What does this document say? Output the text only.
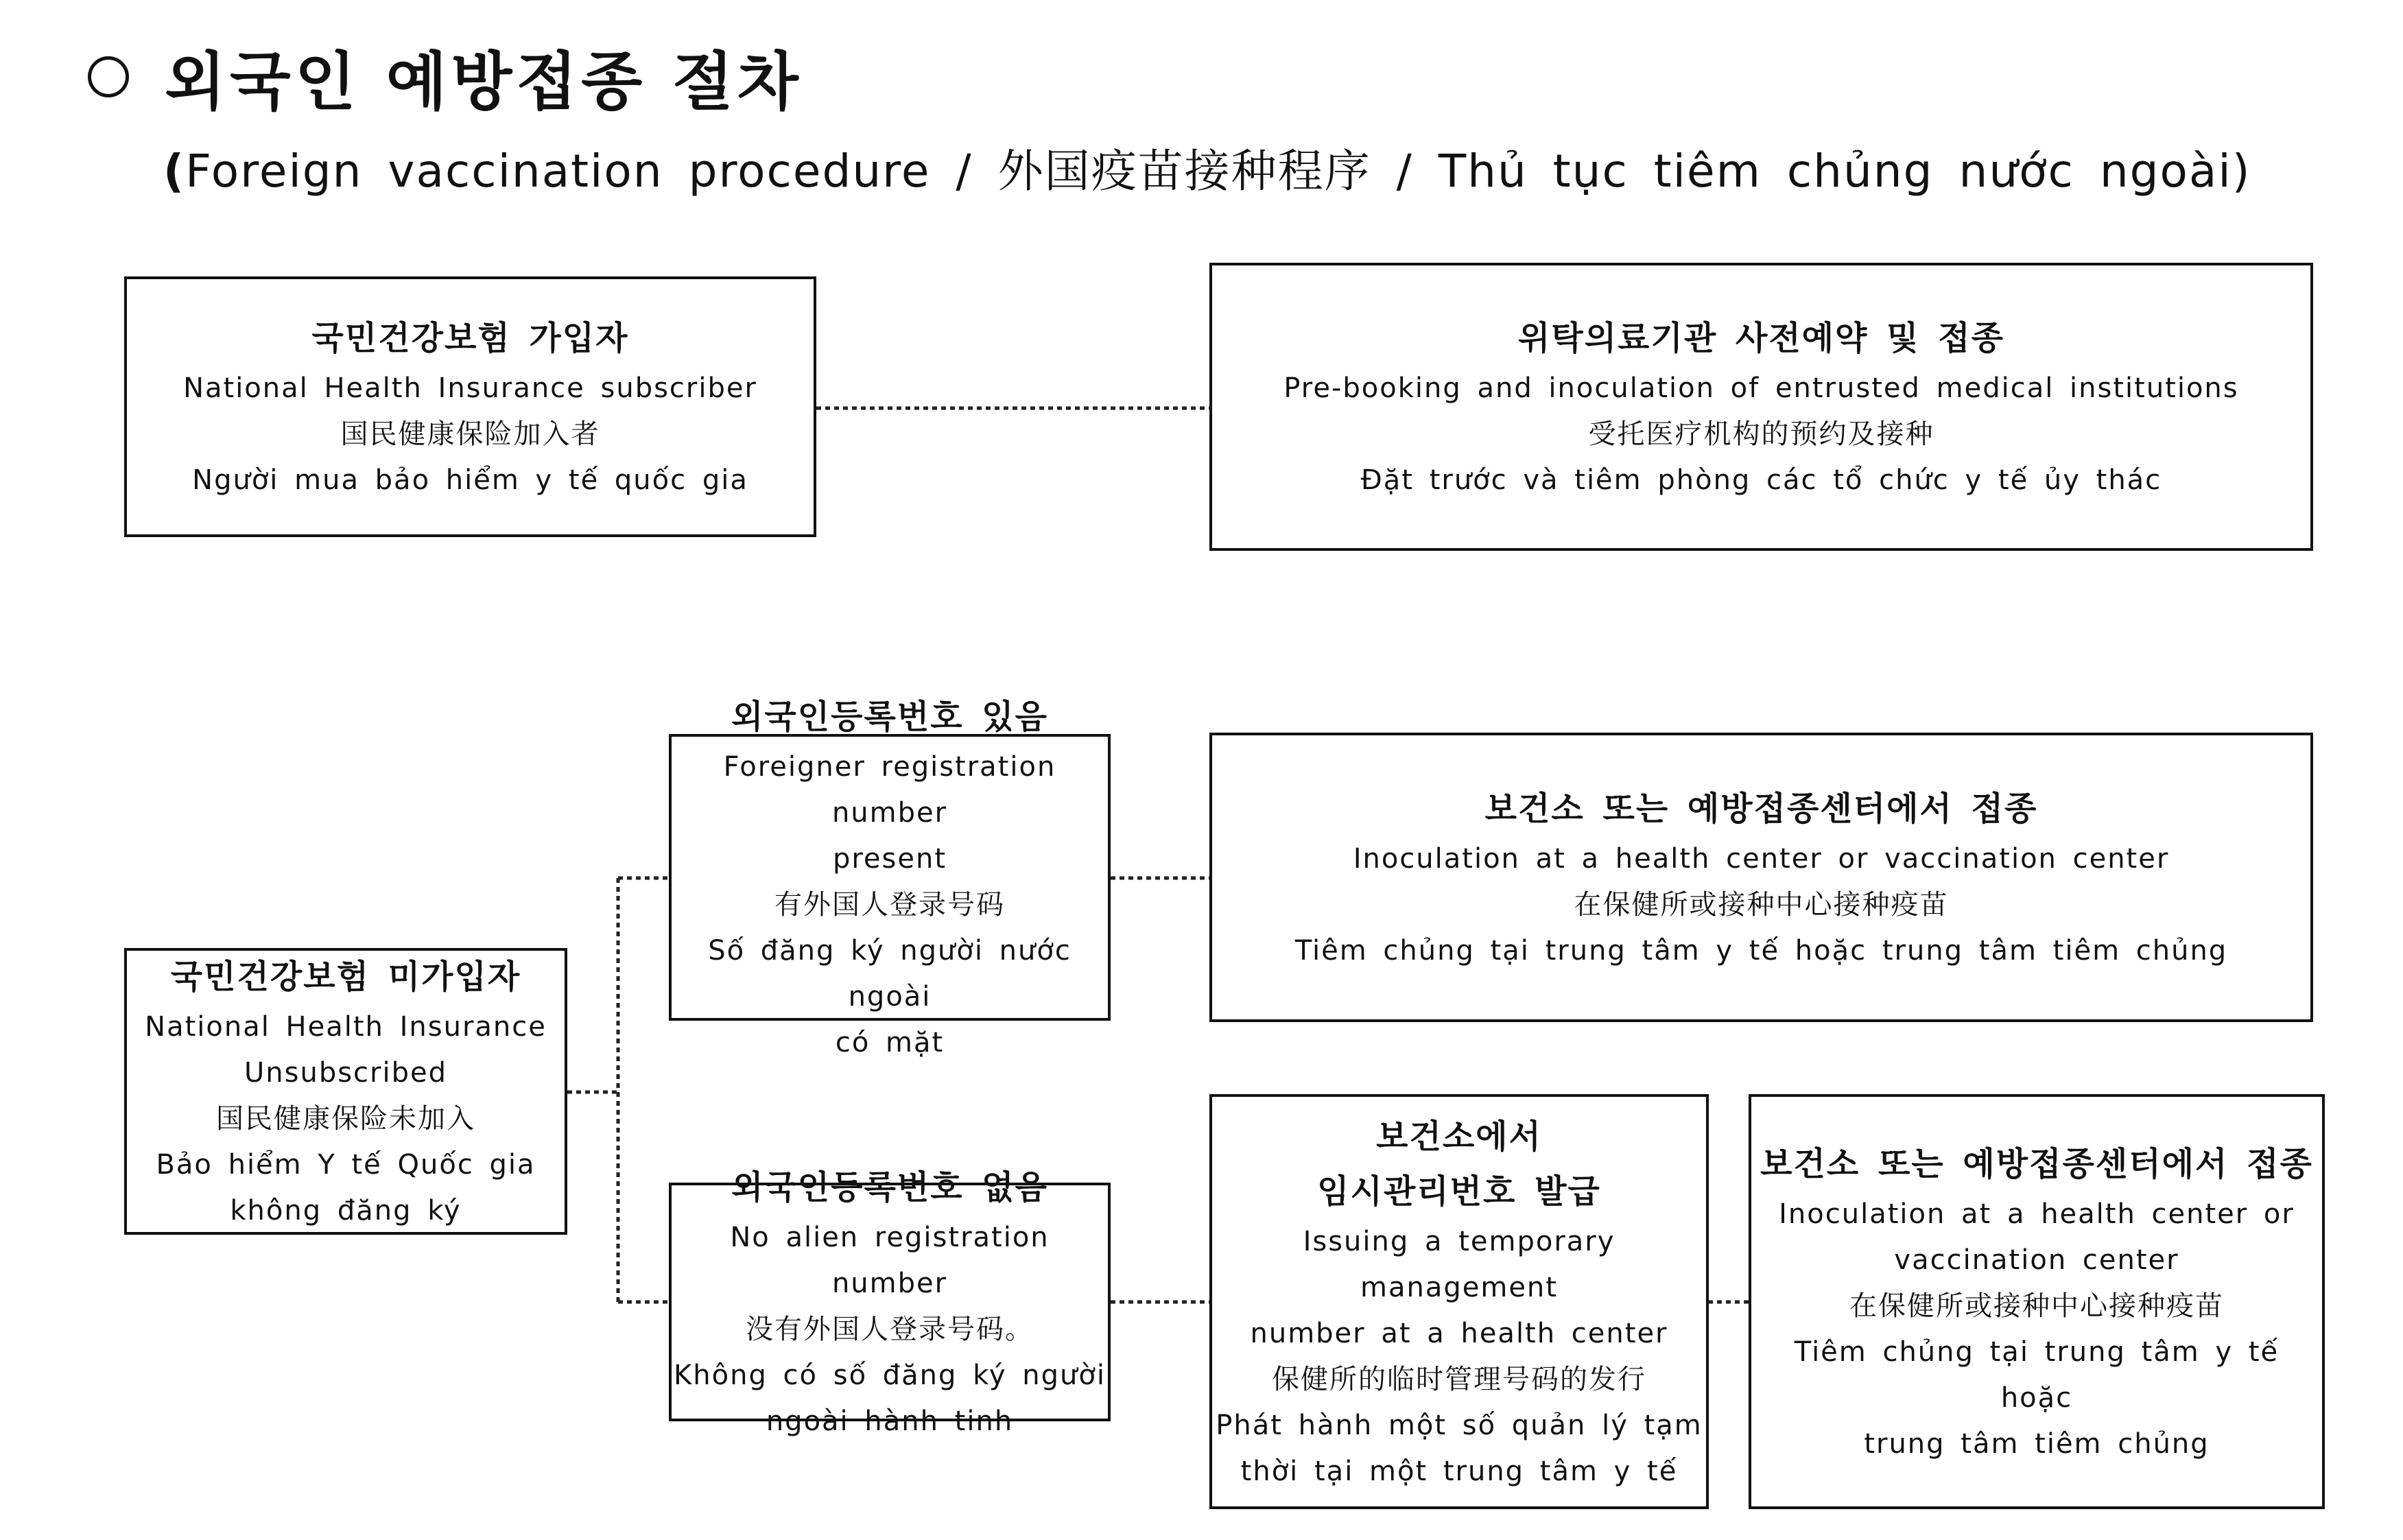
외국인 예방접종 절차
(Foreign vaccination procedure / 外国疫苗接种程序 / Thủ tục tiêm chủng nước ngoài)
국민건강보험 가입자
National Health Insurance subscriber
国民健康保险加入者
Người mua bảo hiểm y tế quốc gia
위탁의료기관 사전예약 및 접종
Pre-booking and inoculation of entrusted medical institutions
受托医疗机构的预约及接种
Đặt trước và tiêm phòng các tổ chức y tế ủy thác
국민건강보험 미가입자
National Health Insurance
Unsubscribed
国民健康保险未加入
Bảo hiểm Y tế Quốc gia
không đăng ký
외국인등록번호 있음
Foreigner registration number
present
有外国人登录号码
Số đăng ký người nước ngoài
có mặt
외국인등록번호 없음
No alien registration number
没有外国人登录号码。
Không có số đăng ký người
ngoài hành tinh
보건소 또는 예방접종센터에서 접종
Inoculation at a health center or vaccination center
在保健所或接种中心接种疫苗
Tiêm chủng tại trung tâm y tế hoặc trung tâm tiêm chủng
보건소에서
임시관리번호 발급
Issuing a temporary management
number at a health center
保健所的临时管理号码的发行
Phát hành một số quản lý tạm
thời tại một trung tâm y tế
보건소 또는 예방접종센터에서 접종
Inoculation at a health center or
vaccination center
在保健所或接种中心接种疫苗
Tiêm chủng tại trung tâm y tế hoặc
trung tâm tiêm chủng
